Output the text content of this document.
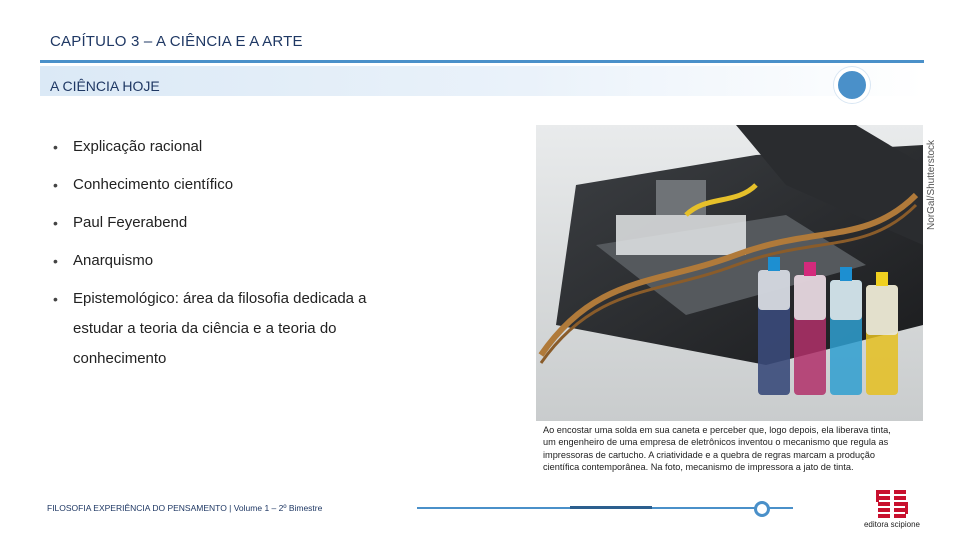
CAPÍTULO 3 – A CIÊNCIA E A ARTE
A CIÊNCIA HOJE
• Explicação racional
• Conhecimento científico
• Paul Feyerabend
• Anarquismo
• Epistemológico: área da filosofia dedicada a estudar a teoria da ciência e a teoria do conhecimento
NorGal/Shutterstock
Ao encostar uma solda em sua caneta e perceber que, logo depois, ela liberava tinta, um engenheiro de uma empresa de eletrônicos inventou o mecanismo que regula as impressoras de cartucho. A criatividade e a quebra de regras marcam a produção científica contemporânea. Na foto, mecanismo de impressora a jato de tinta.
FILOSOFIA EXPERIÊNCIA DO PENSAMENTO | Volume 1 – 2º Bimestre
editora scipione
